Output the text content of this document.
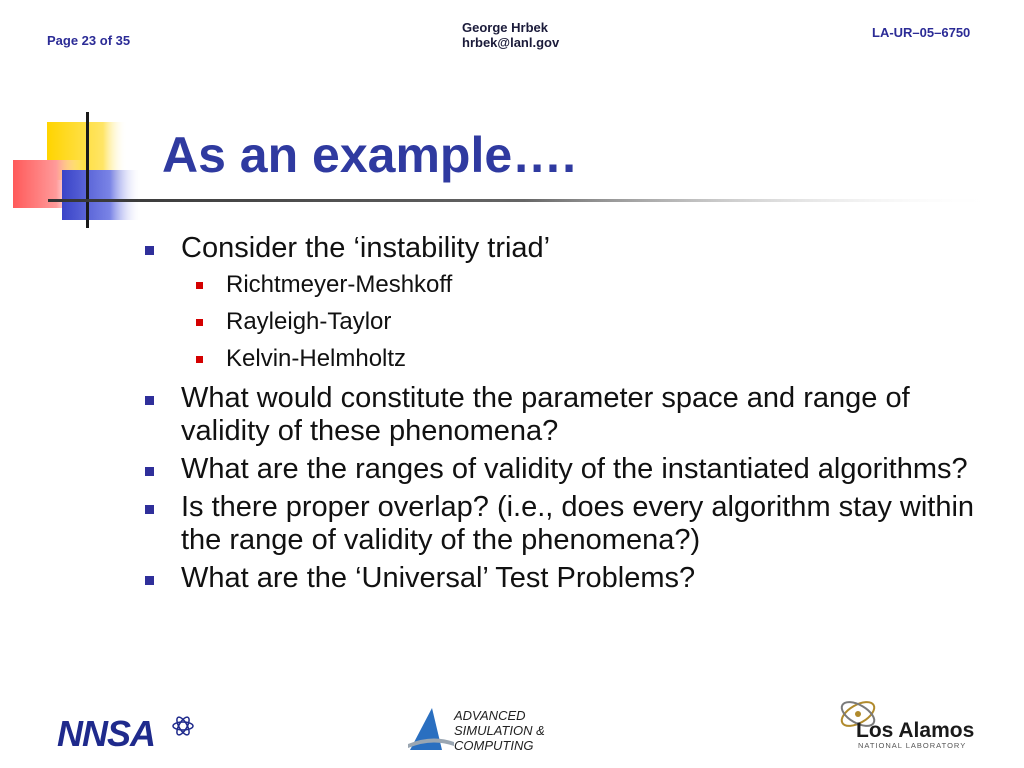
Page 23 of 35
George Hrbek
hrbek@lanl.gov
LA-UR–05–6750
As an example….
Consider the ‘instability triad’
Richtmeyer-Meshkoff
Rayleigh-Taylor
Kelvin-Helmholtz
What would constitute the parameter space and range of validity of these phenomena?
What are the ranges of validity of the instantiated algorithms?
Is there proper overlap? (i.e., does every algorithm stay within the range of validity of the phenomena?)
What are the ‘Universal’ Test Problems?
NNSA	ADVANCED
SIMULATION &
COMPUTING
Los Alamos
NATIONAL LABORATORY
